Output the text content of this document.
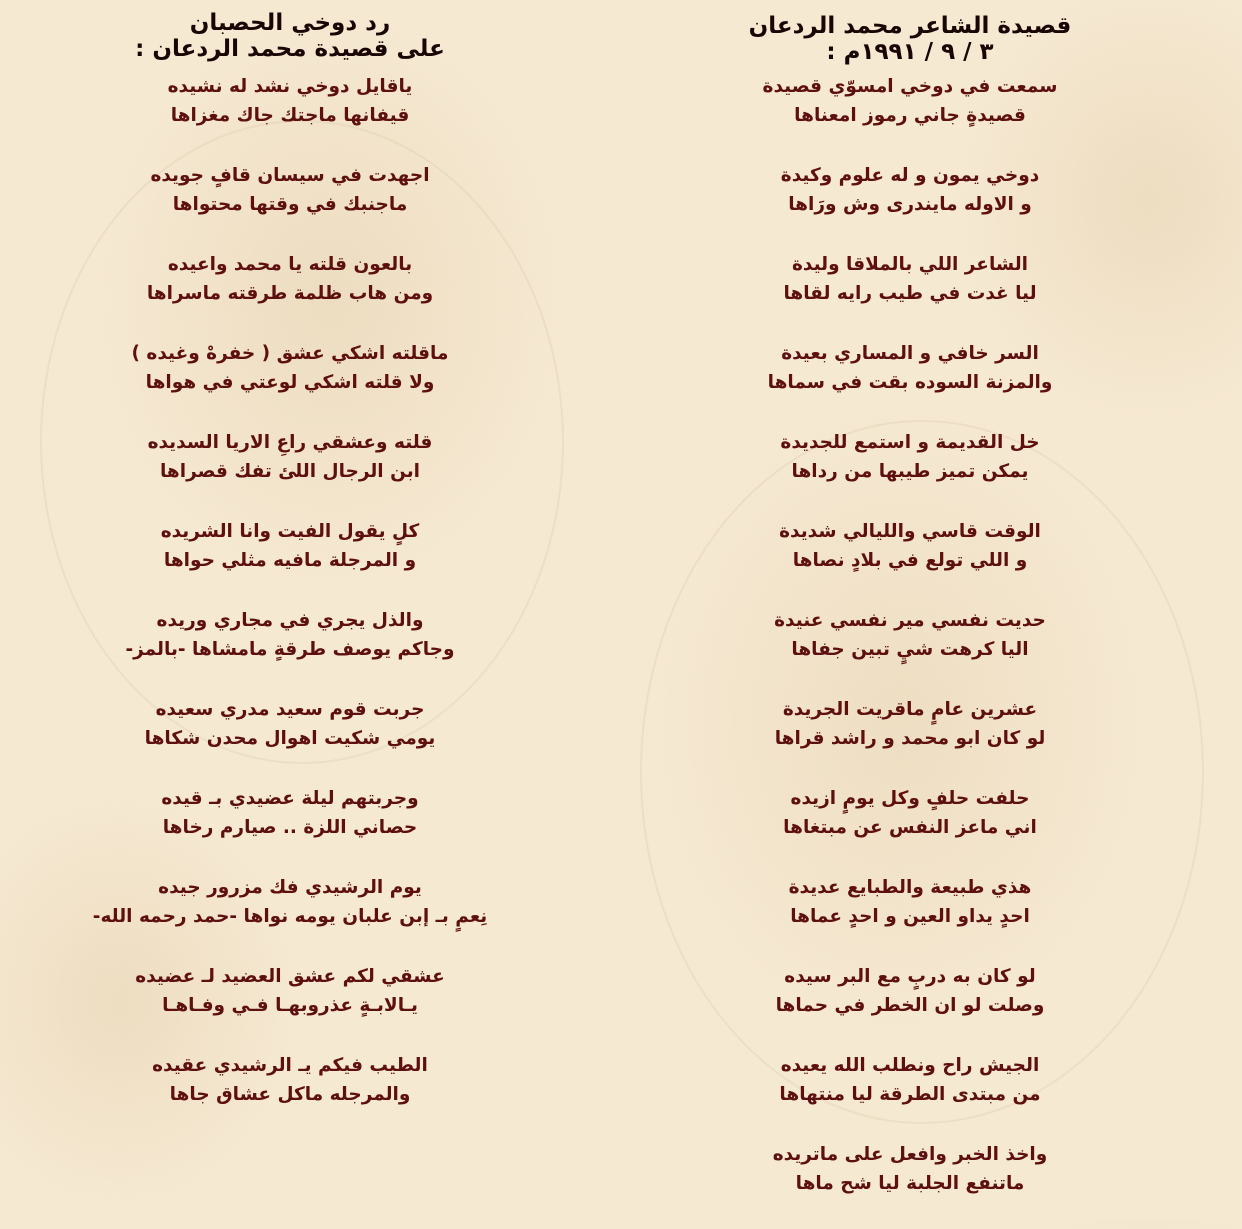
رد دوخي الحصبان
على قصيدة محمد الردعان :
ياقايل دوخي نشد له نشيده
قيفانها ماجتك جاك مغزاها
اجهدت في سيسان قافٍ جويده
ماجنبك في وقتها محتواها
بالعون قلته يا محمد واعيده
ومن هاب ظلمة طرقته ماسراها
ماقلته اشكي عشق ( خفرهْ وغيده )
ولا قلته اشكي لوعتي في هواها
قلته وعشقي راعِ الاريا السديده
ابن الرجال اللئ تفك قصراها
كلٍ يقول الفيت وانا الشريده
و المرجلة مافيه مثلي حواها
والذل يجري في مجاري وريده
وجاكم يوصف طرقةٍ مامشاها -بالمز-
جربت قوم سعيد مدري سعيده
يومي شكيت اهوال محدن شكاها
وجربتهم ليلة عضيدي بـ قيده
حصاني اللزة .. صيارم رخاها
يوم الرشيدي فك مزرور جيده
نِعمٍ بـ إبن علبان يومه نواها -حمد رحمه الله-
عشقي لكم عشق العضيد لـ عضيده
يـالابـةٍ عذروبهـا فـي وفـاهـا
الطيب فيكم يـ الرشيدي عقيده
والمرجله ماكل عشاق جاها
قصيدة الشاعر محمد الردعان
٣ / ٩ / ١٩٩١م :
سمعت في دوخي امسوّي قصيدة
قصيدةٍ جاني رموز امعناها
دوخي يمون و له علوم وكيدة
و الاوله مايندرى وش ورَاها
الشاعر اللي بالملاقا وليدة
ليا غدت في طيب رايه لقاها
السر خافي و المساري بعيدة
والمزنة السوده بقت في سماها
خل القديمة و استمع للجديدة
يمكن تميز طيبها من رداها
الوقت قاسي والليالي شديدة
و اللي تولع في بلادٍ نصاها
حديت نفسي مير نفسي عنيدة
اليا كرهت شيٍ تبين جفاها
عشرين عامٍ ماقريت الجريدة
لو كان ابو محمد و راشد قراها
حلفت حلفٍ وكل يومٍ ازيده
اني ماعز النفس عن مبتغاها
هذي طبيعة والطبايع عديدة
احدٍ يداو العين و احدٍ عماها
لو كان به دربٍ مع البر سيده
وصلت لو ان الخطر في حماها
الجيش راح ونطلب الله يعيده
من مبتدى الطرقة ليا منتهاها
واخذ الخبر وافعل على ماتريده
ماتنفع الجلبة ليا شح ماها
